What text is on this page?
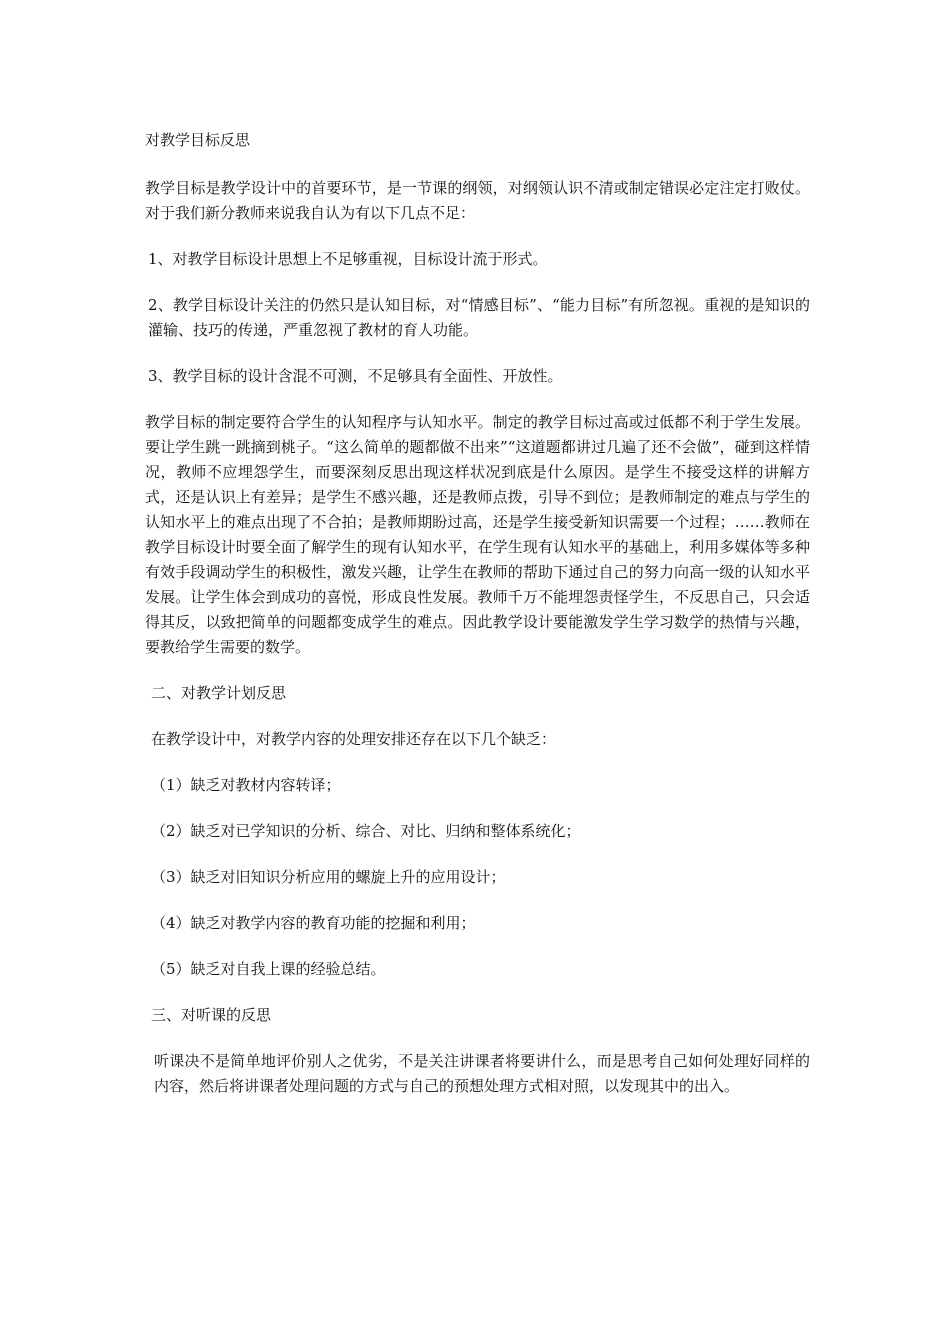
对教学目标反思

教学目标是教学设计中的首要环节，是一节课的纲领，对纲领认识不清或制定错误必定注定打败仗。对于我们新分教师来说我自认为有以下几点不足：

1、对教学目标设计思想上不足够重视，目标设计流于形式。

2、教学目标设计关注的仍然只是认知目标，对“情感目标”、“能力目标”有所忽视。重视的是知识的灌输、技巧的传递，严重忽视了教材的育人功能。

3、教学目标的设计含混不可测，不足够具有全面性、开放性。

教学目标的制定要符合学生的认知程序与认知水平。制定的教学目标过高或过低都不利于学生发展。要让学生跳一跳摘到桃子。“这么简单的题都做不出来”“这道题都讲过几遍了还不会做”，碰到这样情况，教师不应埋怨学生，而要深刻反思出现这样状况到底是什么原因。是学生不接受这样的讲解方式，还是认识上有差异；是学生不感兴趣，还是教师点拨，引导不到位；是教师制定的难点与学生的认知水平上的难点出现了不合拍；是教师期盼过高，还是学生接受新知识需要一个过程；……教师在教学目标设计时要全面了解学生的现有认知水平，在学生现有认知水平的基础上，利用多媒体等多种有效手段调动学生的积极性，激发兴趣，让学生在教师的帮助下通过自己的努力向高一级的认知水平发展。让学生体会到成功的喜悦，形成良性发展。教师千万不能埋怨责怪学生，不反思自己，只会适得其反，以致把简单的问题都变成学生的难点。因此教学设计要能激发学生学习数学的热情与兴趣，要教给学生需要的数学。

二、对教学计划反思

在教学设计中，对教学内容的处理安排还存在以下几个缺乏：

（1）缺乏对教材内容转译；

（2）缺乏对已学知识的分析、综合、对比、归纳和整体系统化；

（3）缺乏对旧知识分析应用的螺旋上升的应用设计；

（4）缺乏对教学内容的教育功能的挖掘和利用；

（5）缺乏对自我上课的经验总结。

三、对听课的反思

听课决不是简单地评价别人之优劣，不是关注讲课者将要讲什么，而是思考自己如何处理好同样的内容，然后将讲课者处理问题的方式与自己的预想处理方式相对照，以发现其中的出入。
